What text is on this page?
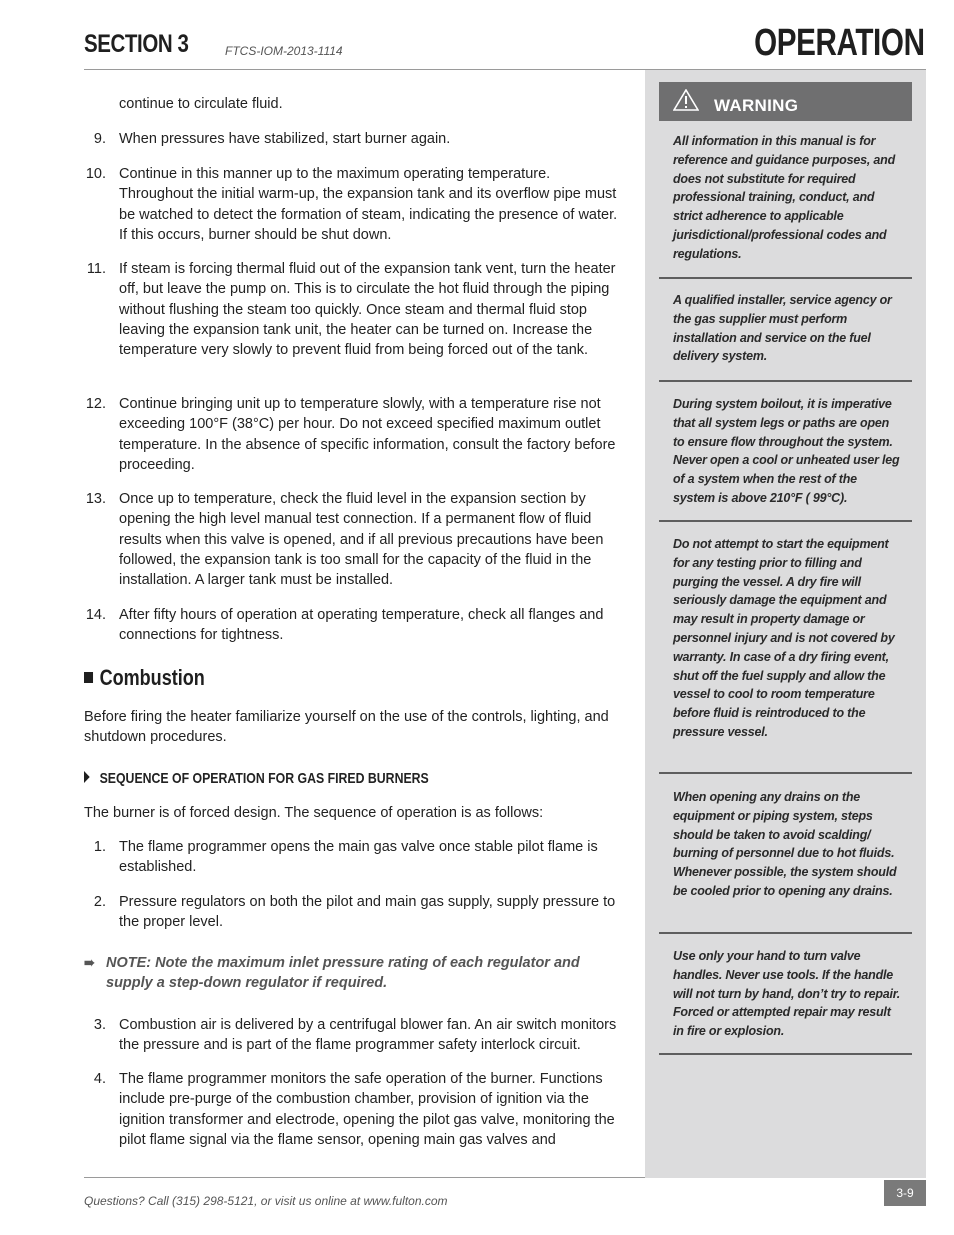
SECTION 3	FTCS-IOM-2013-1114	OPERATION
continue to circulate fluid.
9. When pressures have stabilized, start burner again.
10. Continue in this manner up to the maximum operating temperature. Throughout the initial warm-up, the expansion tank and its overflow pipe must be watched to detect the formation of steam, indicating the presence of water. If this occurs, burner should be shut down.
11. If steam is forcing thermal fluid out of the expansion tank vent, turn the heater off, but leave the pump on. This is to circulate the hot fluid through the piping without flushing the steam too quickly. Once steam and thermal fluid stop leaving the expansion tank unit, the heater can be turned on. Increase the temperature very slowly to prevent fluid from being forced out of the tank.
12. Continue bringing unit up to temperature slowly, with a temperature rise not exceeding 100°F (38°C) per hour. Do not exceed specified maximum outlet temperature. In the absence of specific information, consult the factory before proceeding.
13. Once up to temperature, check the fluid level in the expansion section by opening the high level manual test connection. If a permanent flow of fluid results when this valve is opened, and if all previous precautions have been followed, the expansion tank is too small for the capacity of the fluid in the installation. A larger tank must be installed.
14. After fifty hours of operation at operating temperature, check all flanges and connections for tightness.
Combustion
Before firing the heater familiarize yourself on the use of the controls, lighting, and shutdown procedures.
SEQUENCE OF OPERATION FOR GAS FIRED BURNERS
The burner is of forced design. The sequence of operation is as follows:
1. The flame programmer opens the main gas valve once stable pilot flame is established.
2. Pressure regulators on both the pilot and main gas supply, supply pressure to the proper level.
➠ NOTE: Note the maximum inlet pressure rating of each regulator and supply a step-down regulator if required.
3. Combustion air is delivered by a centrifugal blower fan. An air switch monitors the pressure and is part of the flame programmer safety interlock circuit.
4. The flame programmer monitors the safe operation of the burner. Functions include pre-purge of the combustion chamber, provision of ignition via the ignition transformer and electrode, opening the pilot gas valve, monitoring the pilot flame signal via the flame sensor, opening main gas valves and
WARNING

All information in this manual is for reference and guidance purposes, and does not substitute for required professional training, conduct, and strict adherence to applicable jurisdictional/professional codes and regulations.

A qualified installer, service agency or the gas supplier must perform installation and service on the fuel delivery system.

During system boilout, it is imperative that all system legs or paths are open to ensure flow throughout the system. Never open a cool or unheated user leg of a system when the rest of the system is above 210°F ( 99°C).

Do not attempt to start the equipment for any testing prior to filling and purging the vessel. A dry fire will seriously damage the equipment and may result in property damage or personnel injury and is not covered by warranty. In case of a dry firing event, shut off the fuel supply and allow the vessel to cool to room temperature before fluid is reintroduced to the pressure vessel.

When opening any drains on the equipment or piping system, steps should be taken to avoid scalding/ burning of personnel due to hot fluids. Whenever possible, the system should be cooled prior to opening any drains.

Use only your hand to turn valve handles. Never use tools. If the handle will not turn by hand, don’t try to repair. Forced or attempted repair may result in fire or explosion.

Questions? Call (315) 298-5121, or visit us online at www.fulton.com
3-9
